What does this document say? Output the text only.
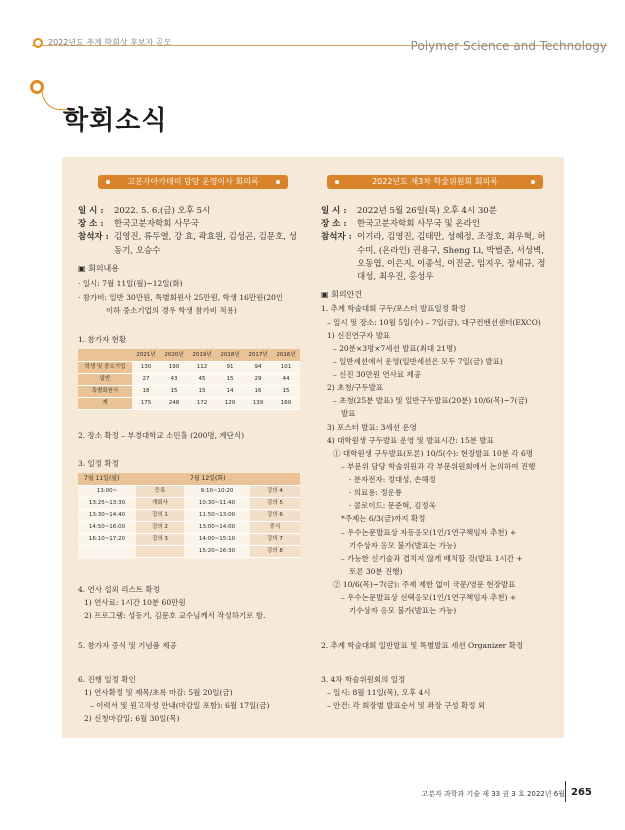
2022년도 추계 학회상 후보자 공모	Polymer Science and Technology
학회소식
고분자아카데미 담당 운영이사 회의록
일 시 :	2022. 5. 6.(금) 오후 5시
장 소 :	한국고분자학회 사무국
참석자 : 김영진, 류두열, 강 효, 곽효원, 김성곤, 김문호, 성동기, 오승수
▣ 회의내용
· 일시: 7월 11일(월)~12일(화)
· 참가비: 일반 30만원, 특별회원사 25만원, 학생 16만원(20인
이하 중소기업의 경우 학생 참가비 적용)
1. 참가자 현황
	2021년	2020년	2019년	2018년	2017년	2016년
학생 및 중소기업	130	190	112	91	94	101
일반	27	43	45	15	29	44
특별회원사	18	15	15	14	16	15
계	175	248	172	120	139	160
2. 장소 확정 – 부경대학교 소민홀 (200명, 계단식)
3. 일정 확정
7월 11일(월)		7월 12일(화)	
13:00~	등록	9:10~10:20	강의 4
13:25~13:30	개회사	10:30~11:40	강의 5
13:30~14:40	강의 1	11:50~13:00	강의 6
14:50~16:00	강의 2	13:00~14:00	중식
16:10~17:20	강의 3	14:00~15:10	강의 7
		15:20~16:30	강의 8
4. 연사 섭외 리스트 확정
1) 연사료: 1시간 10분 60만원
2) 프로그램: 성동기, 김문호 교수님께서 작성하기로 함.
5. 참가자 증식 및 기념품 제공
6. 진행 일정 확인
1) 연사확정 및 제목/초록 마감: 5월 20일(금)
– 이력서 및 원고작성 안내(마감일 포함): 6월 17일(금)
2) 신청마감일: 6월 30일(목)
2022년도 제3차 학술위원회 회의록
일 시 :	2022년 5월 26일(목) 오후 4시 30분
장 소 :	한국고분자학회 사무국 및 온라인
참석자 : 이기라, 김영진, 김태만, 성혜정, 조정호, 최우혁, 허수미, (온라인) 권용구, Sheng Li, 박범준, 서성벽, 오동엽, 이은지, 이종석, 이진균, 임지우, 장세규, 정대성, 최우진, 홍성우
▣ 회의안건
1. 추계 학술대회 구두/포스터 발표일정 확정
– 일시 및 장소: 10월 5일(수) – 7일(금), 대구컨벤션센터(EXCO)
1) 신진연구자 발표
– 20분×3명×7세션 발표(최대 21명)
– 일반세션에서 운영(일반세션은 모두 7일(금) 발표)
– 신진 30만원 연사료 제공
2) 초청/구두발표
– 초청(25분 발표) 및 일반구두발표(20분) 10/6(목)~7(금)
발표
3) 포스터 발표: 3세션 운영
4) 대학원생 구두발표 운영 및 발표시간: 15분 발표
① 대학원생 구두발표(토론) 10/5(수): 현장발표 10분 각 6명
– 부문위 담당 학술위원과 각 부문위원회에서 논의하여 진행
· 분자전자: 정대성, 손해정
· 의료용: 정운룡
· 콜로이드: 문준혁, 김정욱
*주제는 6/3(금)까지 확정
– 우수논문발표상 자동응모(1인/1연구책임자 추천) +
기수상자 응모 불가(발표는 가능)
– 가능한 신기술과 겹치지 않게 배치할 것(발표 1시간 +
토론 30분 진행)
② 10/6(목)~7(금): 주제 제한 없이 국문/영문 현장발표
– 우수논문발표상 선택응모(1인/1연구책임자 추천) +
기수상자 응모 불가(발표는 가능)
2. 추계 학술대회 일반발표 및 특별발표 세션 Organizer 확정
3. 4차 학술위원회의 일정
– 일시: 8월 11일(목), 오후 4시
– 안건: 각 회장별 발표순서 및 좌장 구성 확정 외
고분자 과학과 기술 제 33 권 3 호 2022년 6월 265
